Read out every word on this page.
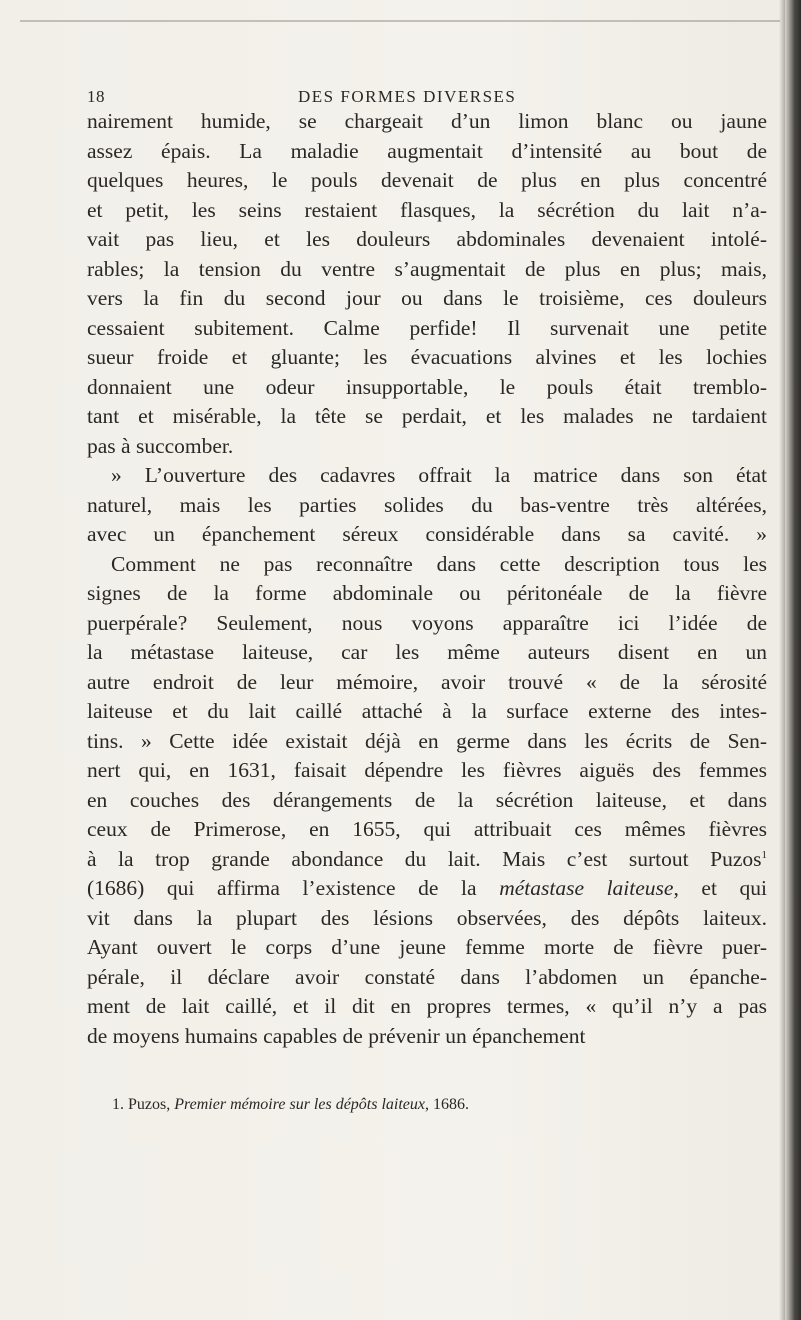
18	DES FORMES DIVERSES
nairement humide, se chargeait d’un limon blanc ou jaune
assez épais. La maladie augmentait d’intensité au bout de
quelques heures, le pouls devenait de plus en plus concentré
et petit, les seins restaient flasques, la sécrétion du lait n’a-
vait pas lieu, et les douleurs abdominales devenaient intolé-
rables; la tension du ventre s’augmentait de plus en plus; mais,
vers la fin du second jour ou dans le troisième, ces douleurs
cessaient subitement. Calme perfide! Il survenait une petite
sueur froide et gluante; les évacuations alvines et les lochies
donnaient une odeur insupportable, le pouls était tremblo-
tant et misérable, la tête se perdait, et les malades ne tardaient
pas à succomber.
» L’ouverture des cadavres offrait la matrice dans son état
naturel, mais les parties solides du bas-ventre très altérées,
avec un épanchement séreux considérable dans sa cavité. »
Comment ne pas reconnaître dans cette description tous les
signes de la forme abdominale ou péritonéale de la fièvre
puerpérale? Seulement, nous voyons apparaître ici l’idée de
la métastase laiteuse, car les même auteurs disent en un
autre endroit de leur mémoire, avoir trouvé « de la sérosité
laiteuse et du lait caillé attaché à la surface externe des intes-
tins. » Cette idée existait déjà en germe dans les écrits de Sen-
nert qui, en 1631, faisait dépendre les fièvres aiguës des femmes
en couches des dérangements de la sécrétion laiteuse, et dans
ceux de Primerose, en 1655, qui attribuait ces mêmes fièvres
à la trop grande abondance du lait. Mais c’est surtout Puzos$^1$
(1686) qui affirma l’existence de la métastase laiteuse, et qui
vit dans la plupart des lésions observées, des dépôts laiteux.
Ayant ouvert le corps d’une jeune femme morte de fièvre puer-
pérale, il déclare avoir constaté dans l’abdomen un épanche-
ment de lait caillé, et il dit en propres termes, « qu’il n’y a pas
de moyens humains capables de prévenir un épanchement
1. Puzos, Premier mémoire sur les dépôts laiteux, 1686.
